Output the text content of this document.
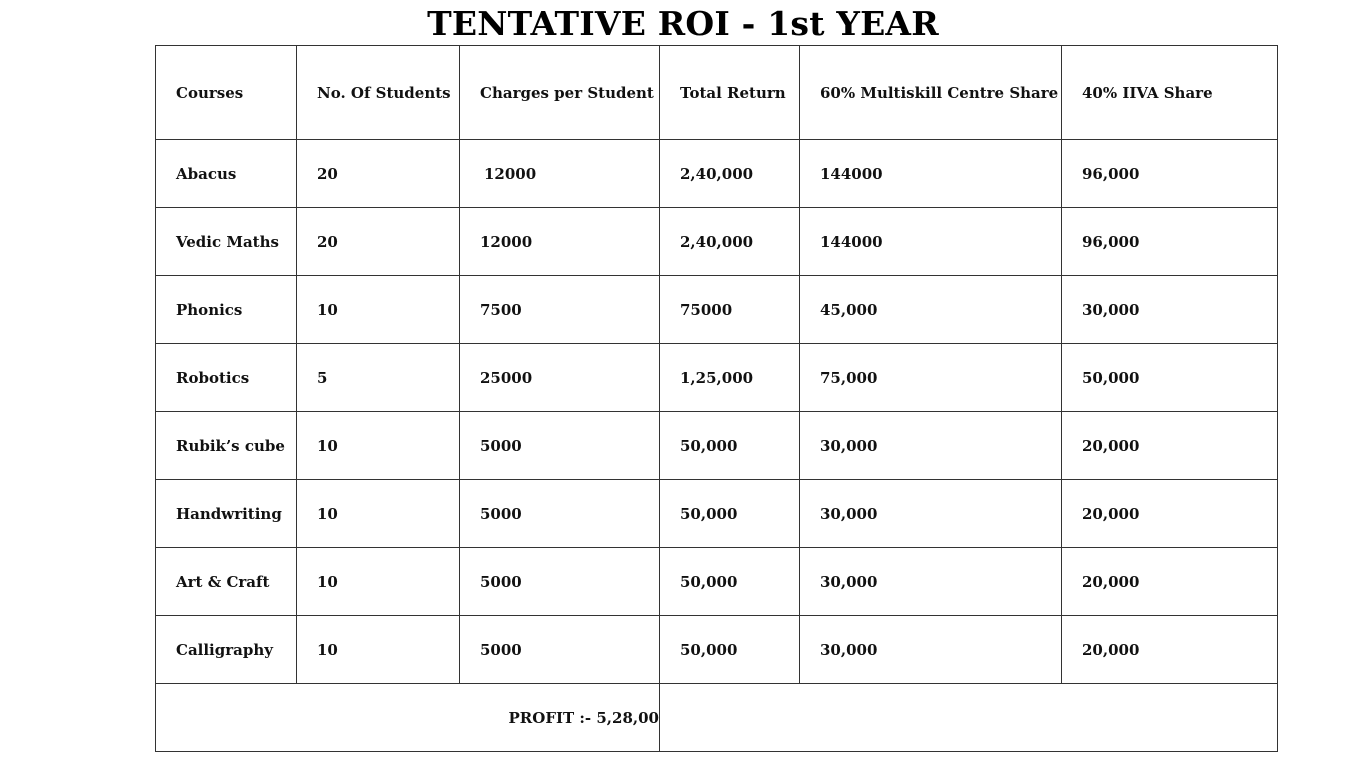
TENTATIVE ROI - 1st YEAR
Courses	No. Of Students	Charges per Student	Total Return	60% Multiskill Centre Share	40% IIVA Share
Abacus	20	12000	2,40,000	144000	96,000
Vedic Maths	20	12000	2,40,000	144000	96,000
Phonics	10	7500	75000	45,000	30,000
Robotics	5	25000	1,25,000	75,000	50,000
Rubik’s cube	10	5000	50,000	30,000	20,000
Handwriting	10	5000	50,000	30,000	20,000
Art & Craft	10	5000	50,000	30,000	20,000
Calligraphy	10	5000	50,000	30,000	20,000
PROFIT :- 5,28,00					
